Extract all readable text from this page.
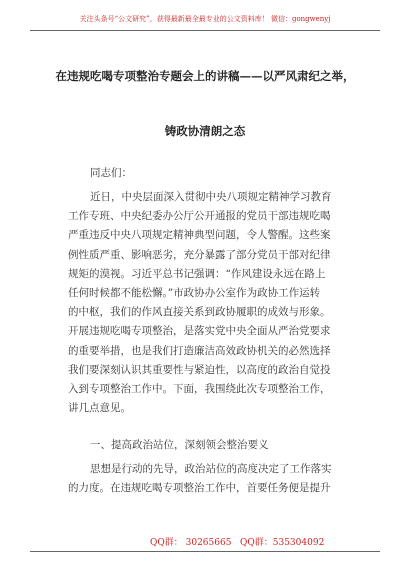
关注头条号“公文研究”，获得最新最全最专业的公文资料库！ 微信：gongwenyj
在违规吃喝专项整治专题会上的讲稿——以严风肃纪之举，
铸政协清朗之态
同志们：
近日，中央层面深入贯彻中央八项规定精神学习教育
工作专班、中央纪委办公厅公开通报的党员干部违规吃喝
严重违反中央八项规定精神典型问题，令人警醒。这些案
例性质严重、影响恶劣，充分暴露了部分党员干部对纪律
规矩的漠视。习近平总书记强调：“作风建设永远在路上
任何时候都不能松懈。”市政协办公室作为政协工作运转
的中枢，我们的作风直接关系到政协履职的成效与形象。
开展违规吃喝专项整治，是落实党中央全面从严治党要求
的重要举措，也是我们打造廉洁高效政协机关的必然选择
我们要深刻认识其重要性与紧迫性，以高度的政治自觉投
入到专项整治工作中。下面，我围绕此次专项整治工作，
讲几点意见。
一、提高政治站位，深刻领会整治要义
思想是行动的先导，政治站位的高度决定了工作落实
的力度。在违规吃喝专项整治工作中，首要任务便是提升
QQ群： 30265665 QQ群：535304092
